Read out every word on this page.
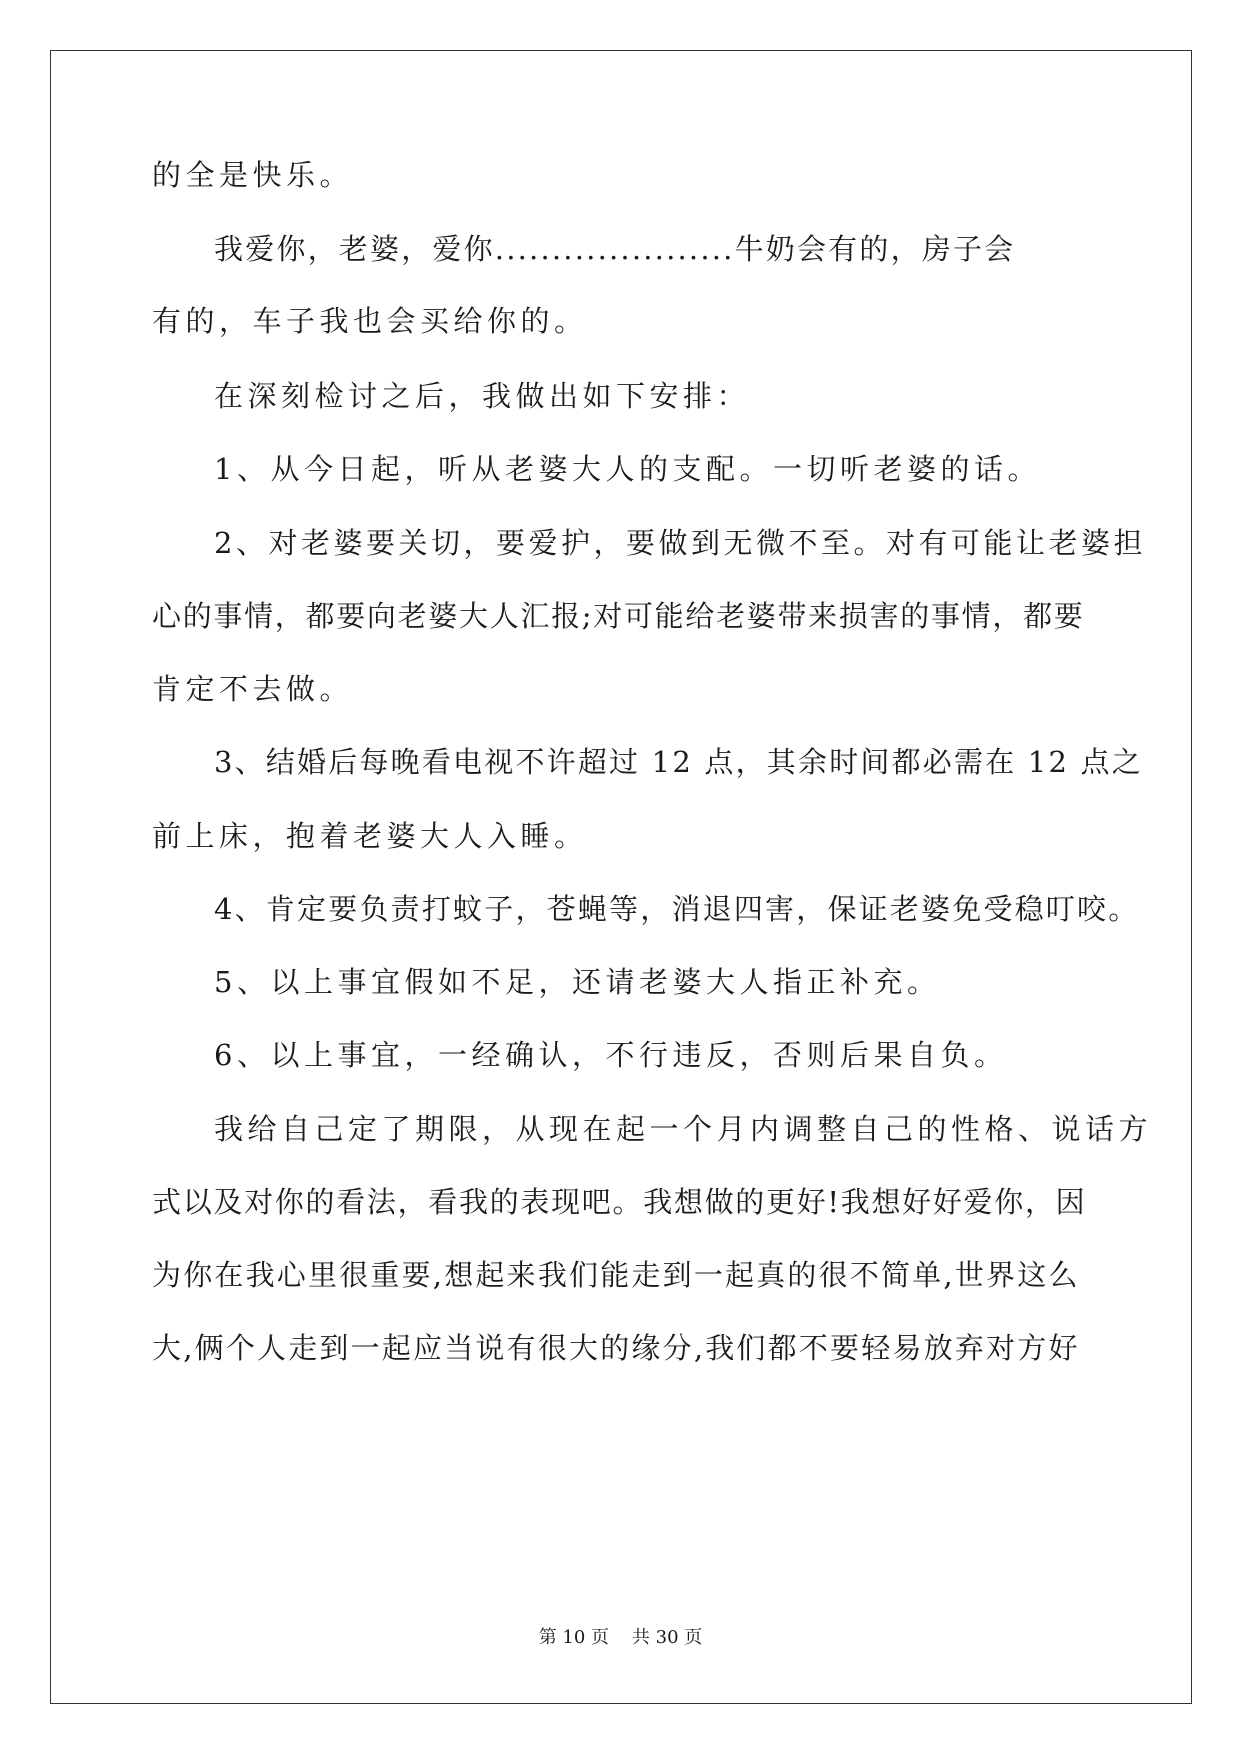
的全是快乐。
我爱你，老婆，爱你.....................牛奶会有的，房子会
有的，车子我也会买给你的。
在深刻检讨之后，我做出如下安排：
1、从今日起，听从老婆大人的支配。一切听老婆的话。
2、对老婆要关切，要爱护，要做到无微不至。对有可能让老婆担
心的事情，都要向老婆大人汇报;对可能给老婆带来损害的事情，都要
肯定不去做。
3、结婚后每晚看电视不许超过 12 点，其余时间都必需在 12 点之
前上床，抱着老婆大人入睡。
4、肯定要负责打蚊子，苍蝇等，消退四害，保证老婆免受稳叮咬。
5、以上事宜假如不足，还请老婆大人指正补充。
6、以上事宜，一经确认，不行违反，否则后果自负。
我给自己定了期限，从现在起一个月内调整自己的性格、说话方
式以及对你的看法，看我的表现吧。我想做的更好!我想好好爱你，因
为你在我心里很重要,想起来我们能走到一起真的很不简单,世界这么
大,俩个人走到一起应当说有很大的缘分,我们都不要轻易放弃对方好
第 10 页    共 30 页
